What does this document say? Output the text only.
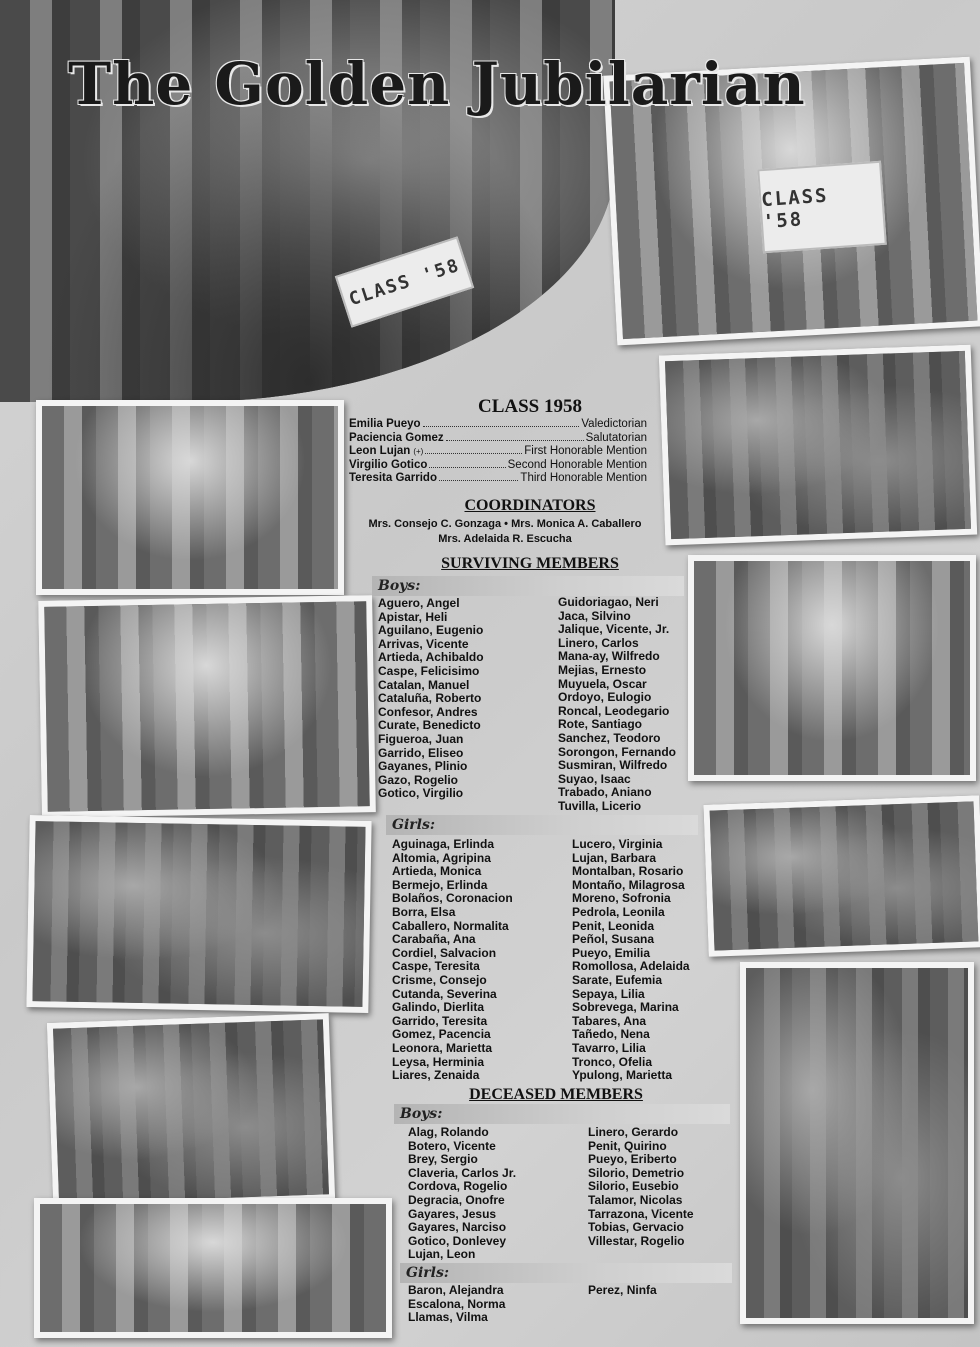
CLASS '58
CLASS '58
The Golden Jubilarian
CLASS 1958
Emilia Pueyo	Valedictorian
Paciencia Gomez	Salutatorian
Leon Lujan (+)	First Honorable Mention
Virgilio Gotico	Second Honorable Mention
Teresita Garrido	Third Honorable Mention
COORDINATORS
Mrs. Consejo C. Gonzaga • Mrs. Monica A. Caballero
Mrs. Adelaida R. Escucha
SURVIVING MEMBERS
Boys:
Aguero, Angel
Apistar, Heli
Aguilano, Eugenio
Arrivas, Vicente
Artieda, Achibaldo
Caspe, Felicisimo
Catalan, Manuel
Cataluña, Roberto
Confesor, Andres
Curate, Benedicto
Figueroa, Juan
Garrido, Eliseo
Gayanes, Plinio
Gazo, Rogelio
Gotico, Virgilio
Guidoriagao, Neri
Jaca, Silvino
Jalique, Vicente, Jr.
Linero, Carlos
Mana-ay, Wilfredo
Mejias, Ernesto
Muyuela, Oscar
Ordoyo, Eulogio
Roncal, Leodegario
Rote, Santiago
Sanchez, Teodoro
Sorongon, Fernando
Susmiran, Wilfredo
Suyao, Isaac
Trabado, Aniano
Tuvilla, Licerio
Girls:
Aguinaga, Erlinda
Altomia, Agripina
Artieda, Monica
Bermejo, Erlinda
Bolaños, Coronacion
Borra, Elsa
Caballero, Normalita
Carabaña, Ana
Cordiel, Salvacion
Caspe, Teresita
Crisme, Consejo
Cutanda, Severina
Galindo, Dierlita
Garrido, Teresita
Gomez, Pacencia
Leonora, Marietta
Leysa, Herminia
Liares, Zenaida
Lucero, Virginia
Lujan, Barbara
Montalban, Rosario
Montaño, Milagrosa
Moreno, Sofronia
Pedrola, Leonila
Penit, Leonida
Peñol, Susana
Pueyo, Emilia
Romollosa, Adelaida
Sarate, Eufemia
Sepaya, Lilia
Sobrevega, Marina
Tabares, Ana
Tañedo, Nena
Tavarro, Lilia
Tronco, Ofelia
Ypulong, Marietta
DECEASED MEMBERS
Boys:
Alag, Rolando
Botero, Vicente
Brey, Sergio
Claveria, Carlos Jr.
Cordova, Rogelio
Degracia, Onofre
Gayares, Jesus
Gayares, Narciso
Gotico, Donlevey
Lujan, Leon
Linero, Gerardo
Penit, Quirino
Pueyo, Eriberto
Silorio, Demetrio
Silorio, Eusebio
Talamor, Nicolas
Tarrazona, Vicente
Tobias, Gervacio
Villestar, Rogelio
Girls:
Baron, Alejandra
Escalona, Norma
Llamas, Vilma
Perez, Ninfa
